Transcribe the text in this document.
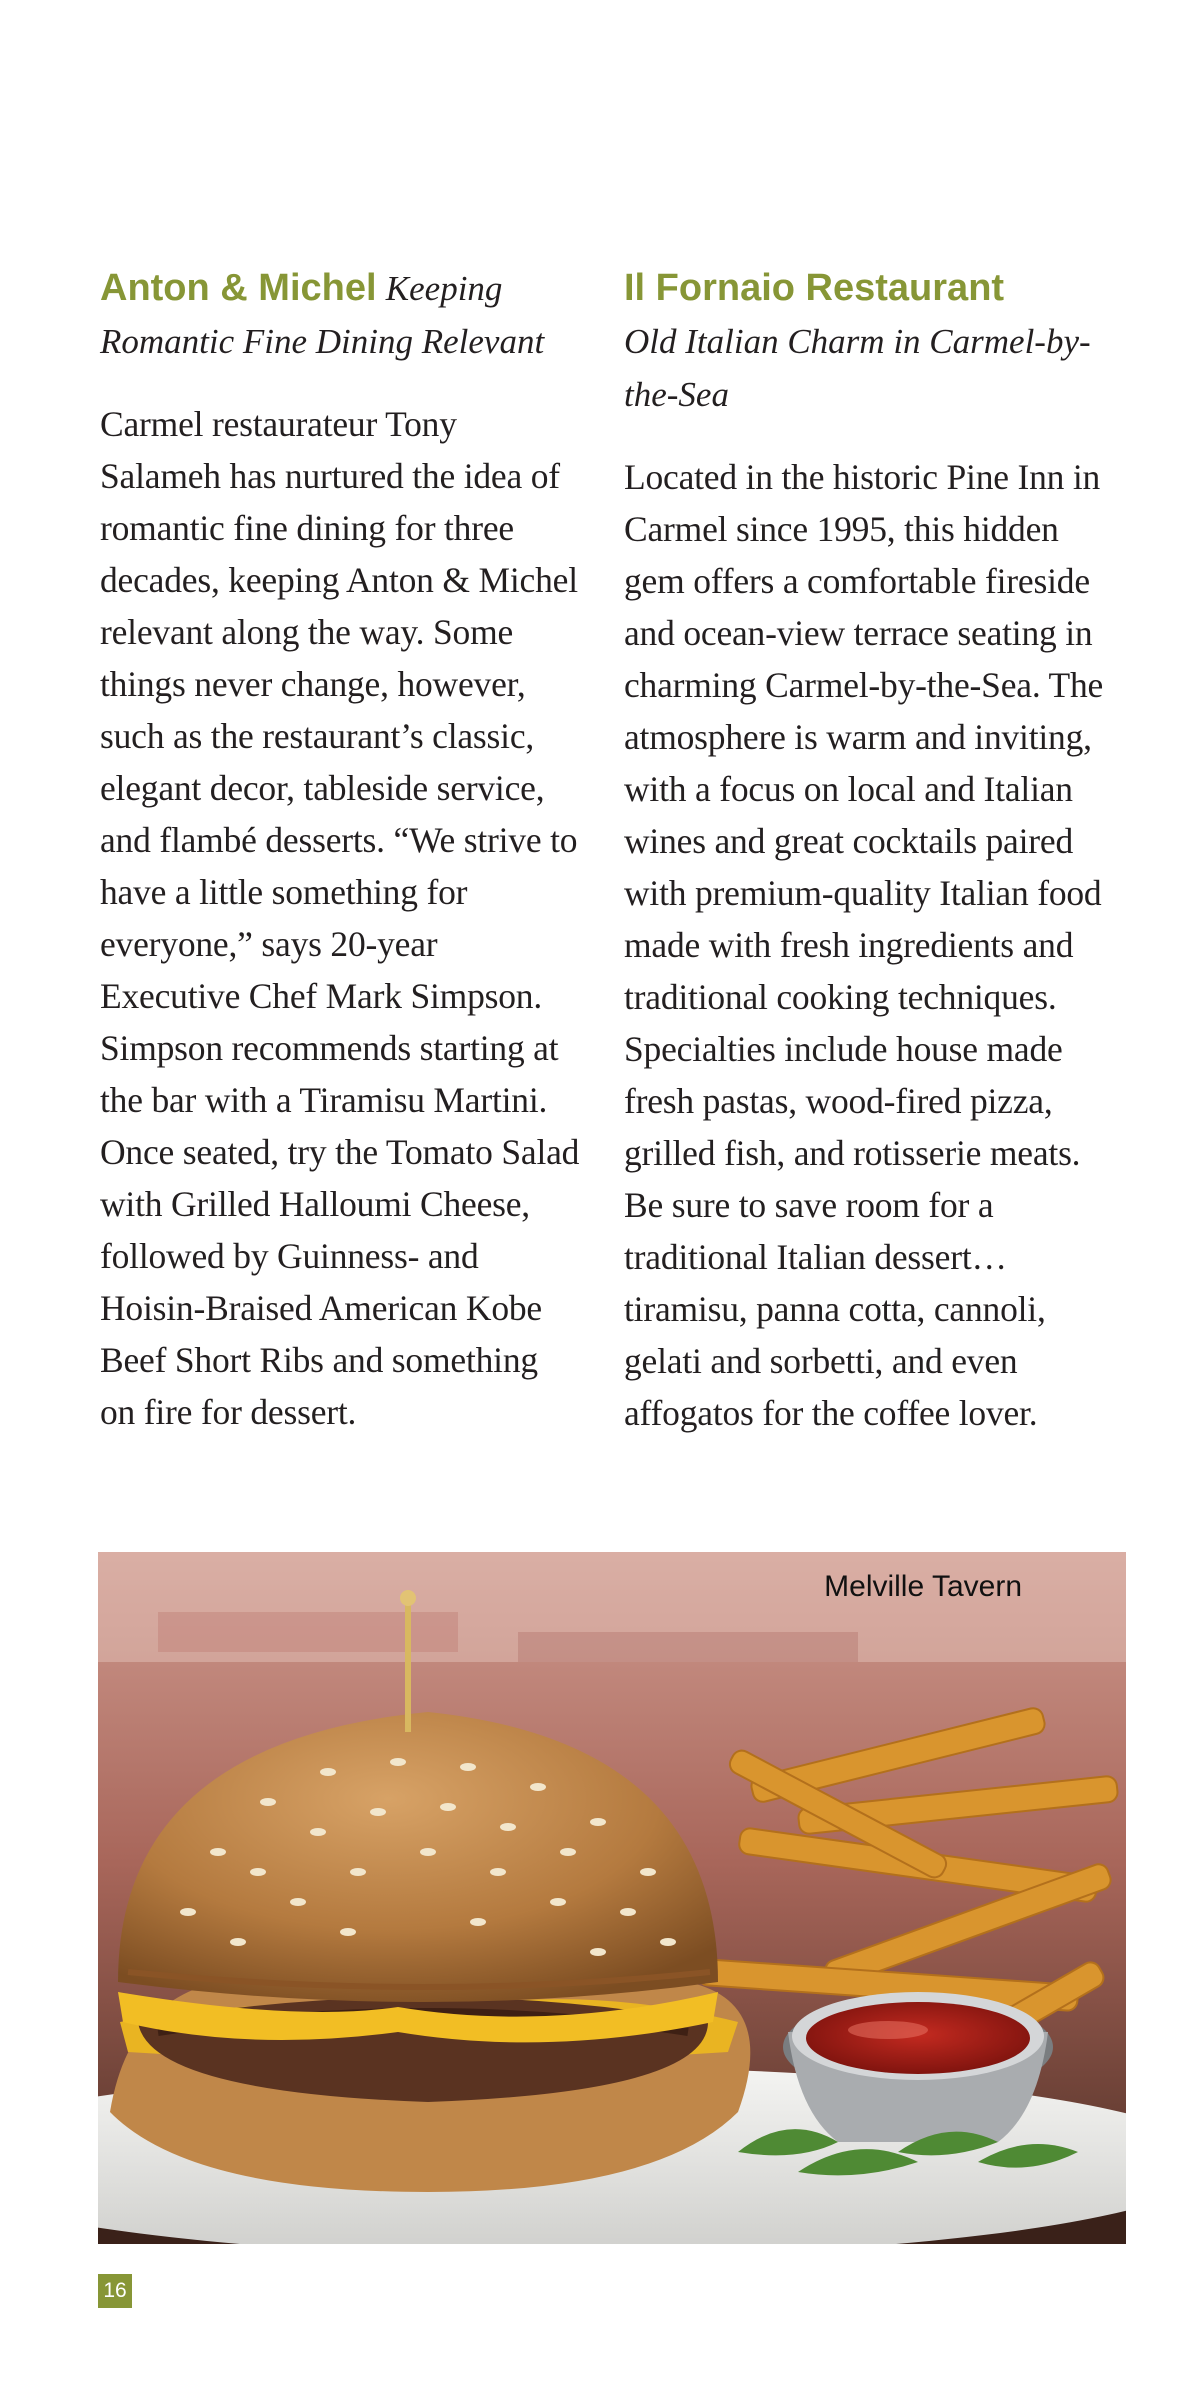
Anton & Michel Keeping Romantic Fine Dining Relevant

Carmel restaurateur Tony Salameh has nurtured the idea of romantic fine dining for three decades, keeping Anton & Michel relevant along the way. Some things never change, however, such as the restaurant’s classic, elegant decor, tableside service, and flambé desserts. “We strive to have a little something for everyone,” says 20-year Executive Chef Mark Simpson. Simpson recommends starting at the bar with a Tiramisu Martini. Once seated, try the Tomato Salad with Grilled Halloumi Cheese, followed by Guinness- and Hoisin-Braised American Kobe Beef Short Ribs and something on fire for dessert.

Il Fornaio Restaurant
Old Italian Charm in Carmel-by-the-Sea

Located in the historic Pine Inn in Carmel since 1995, this hidden gem offers a comfortable fireside and ocean-view terrace seating in charming Carmel-by-the-Sea. The atmosphere is warm and inviting, with a focus on local and Italian wines and great cocktails paired with premium-quality Italian food made with fresh ingredients and traditional cooking techniques. Specialties include house made fresh pastas, wood-fired pizza, grilled fish, and rotisserie meats. Be sure to save room for a traditional Italian dessert…tiramisu, panna cotta, cannoli, gelati and sorbetti, and even affogatos for the coffee lover.

Melville Tavern
16
